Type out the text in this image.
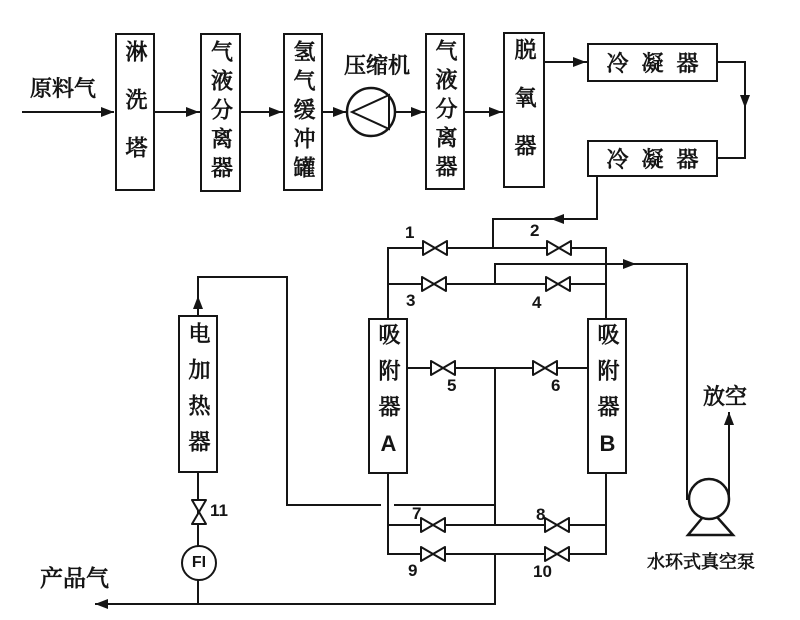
淋洗塔	气液分离器	氢气缓冲罐	气液分离器 脱氧器	冷凝器
冷凝器
吸附器A	吸附器B
电加热器
FI
1	2
3	4
5	6
7	8
9	10
11
原料气
压缩机
产品气
放空
水环式真空泵
